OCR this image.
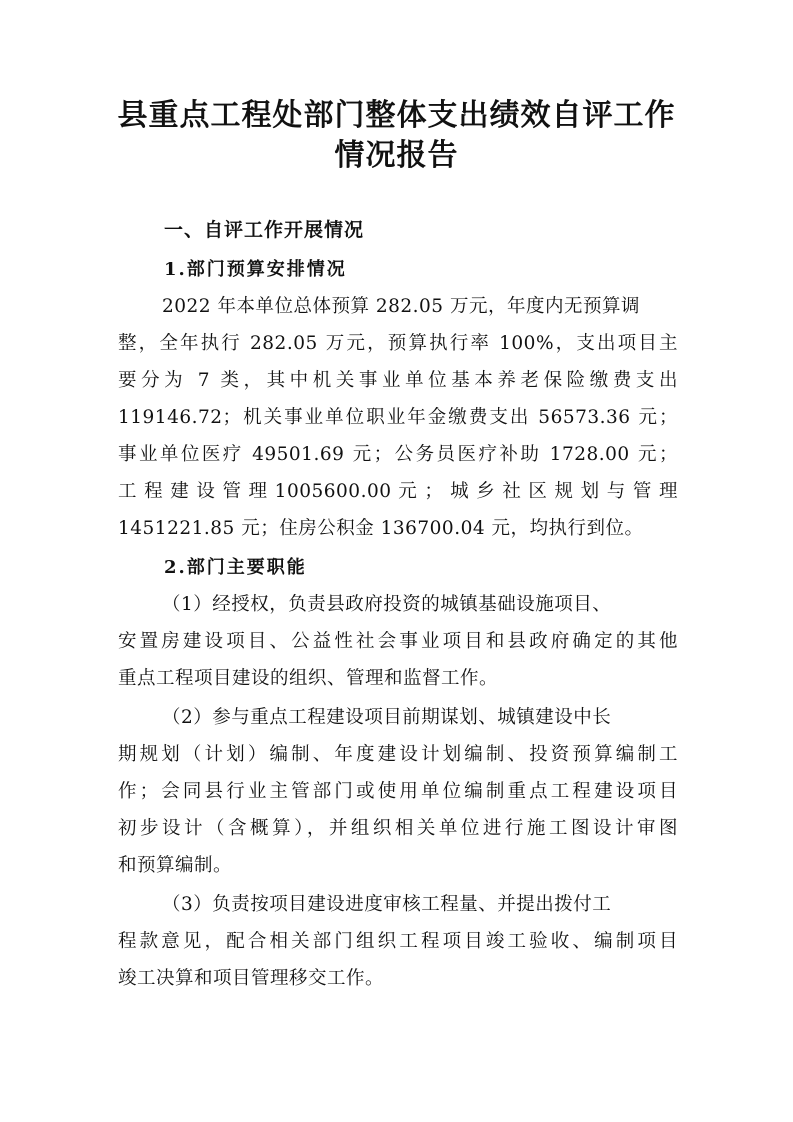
县重点工程处部门整体支出绩效自评工作
情况报告
一、自评工作开展情况
1.部门预算安排情况
2022 年本单位总体预算 282.05 万元，年度内无预算调
整，全年执行 282.05 万元，预算执行率 100%，支出项目主
要分为 7 类，其中机关事业单位基本养老保险缴费支出
119146.72；机关事业单位职业年金缴费支出 56573.36 元；
事业单位医疗 49501.69 元；公务员医疗补助 1728.00 元；
工 程 建 设 管 理 1005600.00 元 ； 城 乡 社 区 规 划 与 管 理
1451221.85 元；住房公积金 136700.04 元，均执行到位。
2.部门主要职能
（1）经授权，负责县政府投资的城镇基础设施项目、
安置房建设项目、公益性社会事业项目和县政府确定的其他
重点工程项目建设的组织、管理和监督工作。
（2）参与重点工程建设项目前期谋划、城镇建设中长
期规划（计划）编制、年度建设计划编制、投资预算编制工
作；会同县行业主管部门或使用单位编制重点工程建设项目
初步设计（含概算），并组织相关单位进行施工图设计审图
和预算编制。
（3）负责按项目建设进度审核工程量、并提出拨付工
程款意见，配合相关部门组织工程项目竣工验收、编制项目
竣工决算和项目管理移交工作。
